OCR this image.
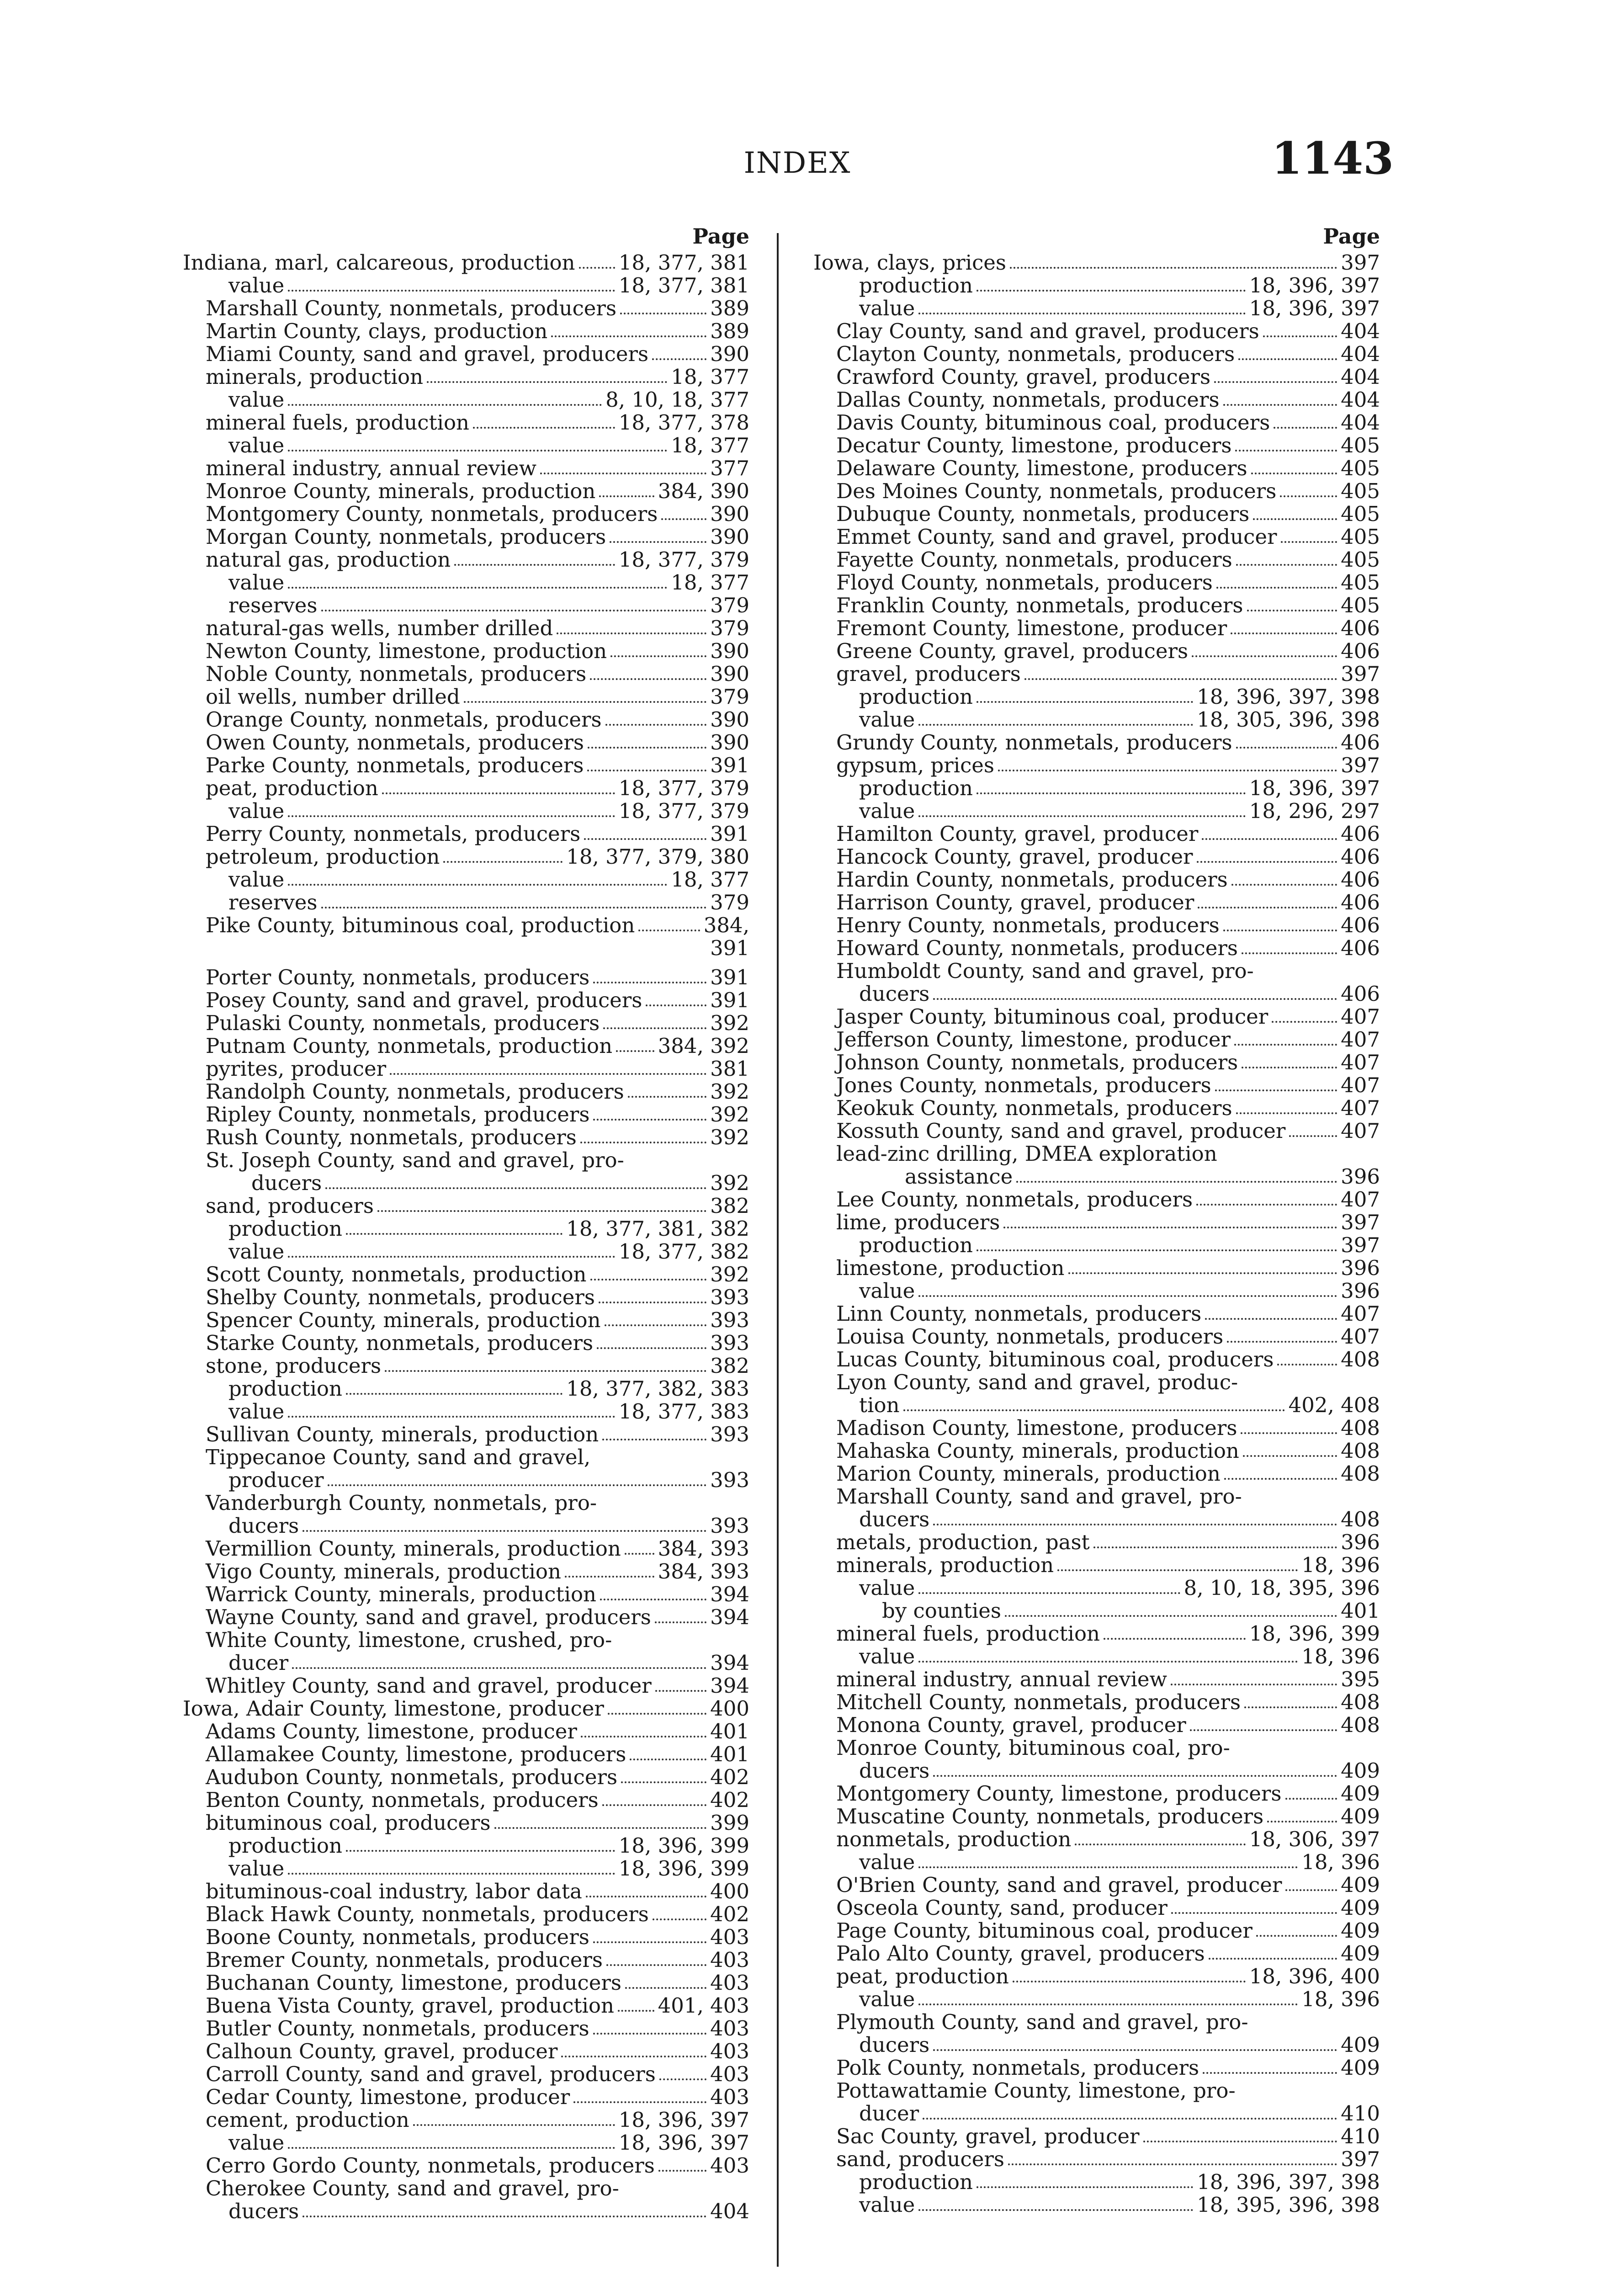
INDEX	1143
Page
Indiana, marl, calcareous, production 18, 377, 381
value	18, 377, 381
Marshall County, nonmetals, producers	389
Martin County, clays, production	389
Miami County, sand and gravel, producers	390
minerals, production	18, 377
value	8, 10, 18, 377
mineral fuels, production	18, 377, 378
value	18, 377
mineral industry, annual review	377
Monroe County, minerals, production	384, 390
Montgomery County, nonmetals, producers	390
Morgan County, nonmetals, producers	390
natural gas, production	18, 377, 379
value	18, 377
reserves	379
natural-gas wells, number drilled	379
Newton County, limestone, production	390
Noble County, nonmetals, producers	390
oil wells, number drilled	379
Orange County, nonmetals, producers	390
Owen County, nonmetals, producers	390
Parke County, nonmetals, producers	391
peat, production	18, 377, 379
value	18, 377, 379
Perry County, nonmetals, producers	391
petroleum, production	18, 377, 379, 380
value	18, 377
reserves	379
Pike County, bituminous coal, production	384,
391
Porter County, nonmetals, producers	391
Posey County, sand and gravel, producers	391
Pulaski County, nonmetals, producers	392
Putnam County, nonmetals, production 384, 392
pyrites, producer	381
Randolph County, nonmetals, producers	392
Ripley County, nonmetals, producers	392
Rush County, nonmetals, producers	392
St. Joseph County, sand and gravel, pro-
ducers	392
sand, producers	382
production	18, 377, 381, 382
value	18, 377, 382
Scott County, nonmetals, production	392
Shelby County, nonmetals, producers	393
Spencer County, minerals, production	393
Starke County, nonmetals, producers	393
stone, producers	382
production	18, 377, 382, 383
value	18, 377, 383
Sullivan County, minerals, production	393
Tippecanoe County, sand and gravel,
producer	393
Vanderburgh County, nonmetals, pro-
ducers	393
Vermillion County, minerals, production 384, 393
Vigo County, minerals, production	384, 393
Warrick County, minerals, production	394
Wayne County, sand and gravel, producers	394
White County, limestone, crushed, pro-
ducer	394
Whitley County, sand and gravel, producer	394
Iowa, Adair County, limestone, producer	400
Adams County, limestone, producer	401
Allamakee County, limestone, producers	401
Audubon County, nonmetals, producers	402
Benton County, nonmetals, producers	402
bituminous coal, producers	399
production	18, 396, 399
value	18, 396, 399
bituminous-coal industry, labor data	400
Black Hawk County, nonmetals, producers	402
Boone County, nonmetals, producers	403
Bremer County, nonmetals, producers	403
Buchanan County, limestone, producers	403
Buena Vista County, gravel, production 401, 403
Butler County, nonmetals, producers	403
Calhoun County, gravel, producer	403
Carroll County, sand and gravel, producers	403
Cedar County, limestone, producer	403
cement, production	18, 396, 397
value	18, 396, 397
Cerro Gordo County, nonmetals, producers	403
Cherokee County, sand and gravel, pro-
ducers	404
Page
Iowa, clays, prices	397
production	18, 396, 397
value	18, 396, 397
Clay County, sand and gravel, producers	404
Clayton County, nonmetals, producers	404
Crawford County, gravel, producers	404
Dallas County, nonmetals, producers	404
Davis County, bituminous coal, producers	404
Decatur County, limestone, producers	405
Delaware County, limestone, producers	405
Des Moines County, nonmetals, producers	405
Dubuque County, nonmetals, producers	405
Emmet County, sand and gravel, producer	405
Fayette County, nonmetals, producers	405
Floyd County, nonmetals, producers	405
Franklin County, nonmetals, producers	405
Fremont County, limestone, producer	406
Greene County, gravel, producers	406
gravel, producers	397
production	18, 396, 397, 398
value	18, 305, 396, 398
Grundy County, nonmetals, producers	406
gypsum, prices	397
production	18, 396, 397
value	18, 296, 297
Hamilton County, gravel, producer	406
Hancock County, gravel, producer	406
Hardin County, nonmetals, producers	406
Harrison County, gravel, producer	406
Henry County, nonmetals, producers	406
Howard County, nonmetals, producers	406
Humboldt County, sand and gravel, pro-
ducers	406
Jasper County, bituminous coal, producer	407
Jefferson County, limestone, producer	407
Johnson County, nonmetals, producers	407
Jones County, nonmetals, producers	407
Keokuk County, nonmetals, producers	407
Kossuth County, sand and gravel, producer	407
lead-zinc drilling, DMEA exploration
assistance	396
Lee County, nonmetals, producers	407
lime, producers	397
production	397
limestone, production	396
value	396
Linn County, nonmetals, producers	407
Louisa County, nonmetals, producers	407
Lucas County, bituminous coal, producers	408
Lyon County, sand and gravel, produc-
tion	402, 408
Madison County, limestone, producers	408
Mahaska County, minerals, production	408
Marion County, minerals, production	408
Marshall County, sand and gravel, pro-
ducers	408
metals, production, past	396
minerals, production	18, 396
value	8, 10, 18, 395, 396
by counties	401
mineral fuels, production	18, 396, 399
value	18, 396
mineral industry, annual review	395
Mitchell County, nonmetals, producers	408
Monona County, gravel, producer	408
Monroe County, bituminous coal, pro-
ducers	409
Montgomery County, limestone, producers	409
Muscatine County, nonmetals, producers	409
nonmetals, production	18, 306, 397
value	18, 396
O'Brien County, sand and gravel, producer	409
Osceola County, sand, producer	409
Page County, bituminous coal, producer	409
Palo Alto County, gravel, producers	409
peat, production	18, 396, 400
value	18, 396
Plymouth County, sand and gravel, pro-
ducers	409
Polk County, nonmetals, producers	409
Pottawattamie County, limestone, pro-
ducer	410
Sac County, gravel, producer	410
sand, producers	397
production	18, 396, 397, 398
value	18, 395, 396, 398
